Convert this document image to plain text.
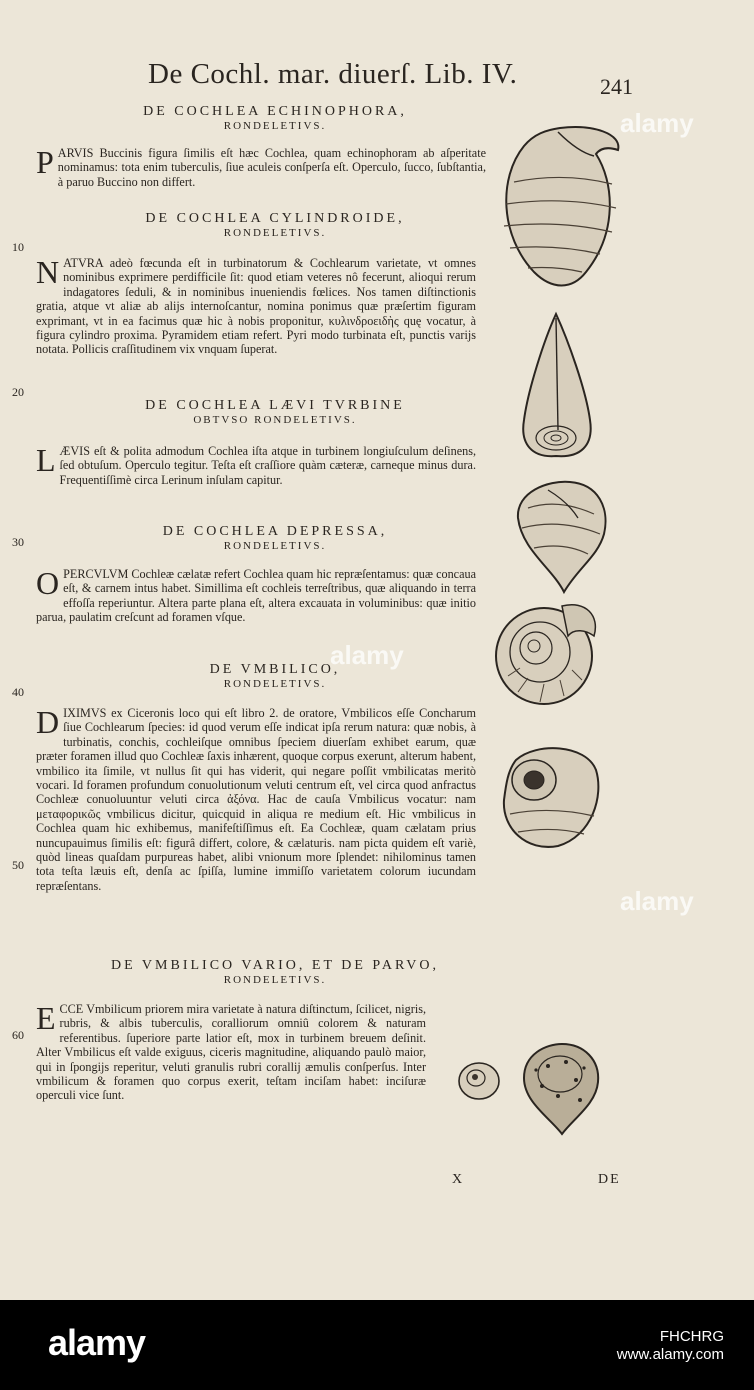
De Cochl. mar. diuerſ. Lib. IV.	241
10
20
30
40
50
60
DE COCHLEA ECHINOPHORA,
RONDELETIVS.
PARVIS Buccinis figura ſimilis eſt hæc Cochlea, quam echinophoram ab aſperitate nominamus: tota enim tuberculis, ſiue aculeis conſperſa eſt. Operculo, ſucco, ſubſtantia, à paruo Buccino non differt.
DE COCHLEA CYLINDROIDE,
RONDELETIVS.
NATVRA adeò fœcunda eſt in turbinatorum & Cochlearum varietate, vt omnes nominibus exprimere perdifficile ſit: quod etiam veteres nô fecerunt, alioqui rerum indagatores ſeduli, & in nominibus inueniendis fœlices. Nos tamen diſtinctionis gratia, atque vt aliæ ab alijs internoſcantur, nomina ponimus quæ præſertim figuram exprimant, vt in ea facimus quæ hic à nobis proponitur, κυλινδροειδὴς quę vocatur, à figura cylindro proxima. Pyramidem etiam refert. Pyri modo turbinata eſt, punctis varijs notata. Pollicis craſſitudinem vix vnquam ſuperat.
DE COCHLEA LÆVI TVRBINE
OBTVSO RONDELETIVS.
LÆVIS eſt & polita admodum Cochlea iſta atque in turbinem longiuſculum deſinens, ſed obtuſum. Operculo tegitur. Teſta eſt craſſiore quàm cæteræ, carneque minus dura. Frequentiſſimè circa Lerinum inſulam capitur.
DE COCHLEA DEPRESSA,
RONDELETIVS.
OPERCVLVM Cochleæ cælatæ refert Cochlea quam hic repræſentamus: quæ concaua eſt, & carnem intus habet. Simillima eſt cochleis terreſtribus, quæ aliquando in terra effoſſa reperiuntur. Altera parte plana eſt, altera excauata in voluminibus: quæ initio parua, paulatim creſcunt ad foramen vſque.
DE VMBILICO,
RONDELETIVS.
DIXIMVS ex Ciceronis loco qui eſt libro 2. de oratore, Vmbilicos eſſe Concharum ſiue Cochlearum ſpecies: id quod verum eſſe indicat ipſa rerum natura: quæ nobis, à turbinatis, conchis, cochleiſque omnibus ſpeciem diuerſam exhibet earum, quæ præter foramen illud quo Cochleæ ſaxis inhærent, quoque corpus exerunt, alterum habent, vmbilico ita ſimile, vt nullus ſit qui has viderit, qui negare poſſit vmbilicatas meritò vocari. Id foramen profundum conuolutionum veluti centrum eſt, vel circa quod anfractus Cochleæ conuoluuntur veluti circa ἀξόνα. Hac de cauſa Vmbilicus vocatur: nam μεταφορικῶς vmbilicus dicitur, quicquid in aliqua re medium eſt. Hic vmbilicus in Cochlea quam hic exhibemus, manifeſtiſſimus eſt. Ea Cochleæ, quam cælatam prius nuncupauimus ſimilis eſt: figurâ differt, colore, & cælaturis. nam picta quidem eſt variè, quòd lineas quaſdam purpureas habet, alibi vnionum more ſplendet: nihilominus tamen tota teſta læuis eſt, denſa ac ſpiſſa, lumine immiſſo varietatem colorum iucundam repræſentans.
DE VMBILICO VARIO, ET DE PARVO,
RONDELETIVS.
ECCE Vmbilicum priorem mira varietate à natura diſtinctum, ſcilicet, nigris, rubris, & albis tuberculis, coralliorum omniû colorem & naturam referentibus. ſuperiore parte latior eſt, mox in turbinem breuem deſinit. Alter Vmbilicus eſt valde exiguus, ciceris magnitudine, aliquando paulò maior, qui in ſpongijs reperitur, veluti granulis rubri corallij æmulis conſperſus. Inter vmbilicum & foramen quo corpus exerit, teſtam inciſam habet: inciſuræ operculi vice ſunt.
X	DE
alamy
alamy
alamy
alamy	FHCHRG
www.alamy.com
